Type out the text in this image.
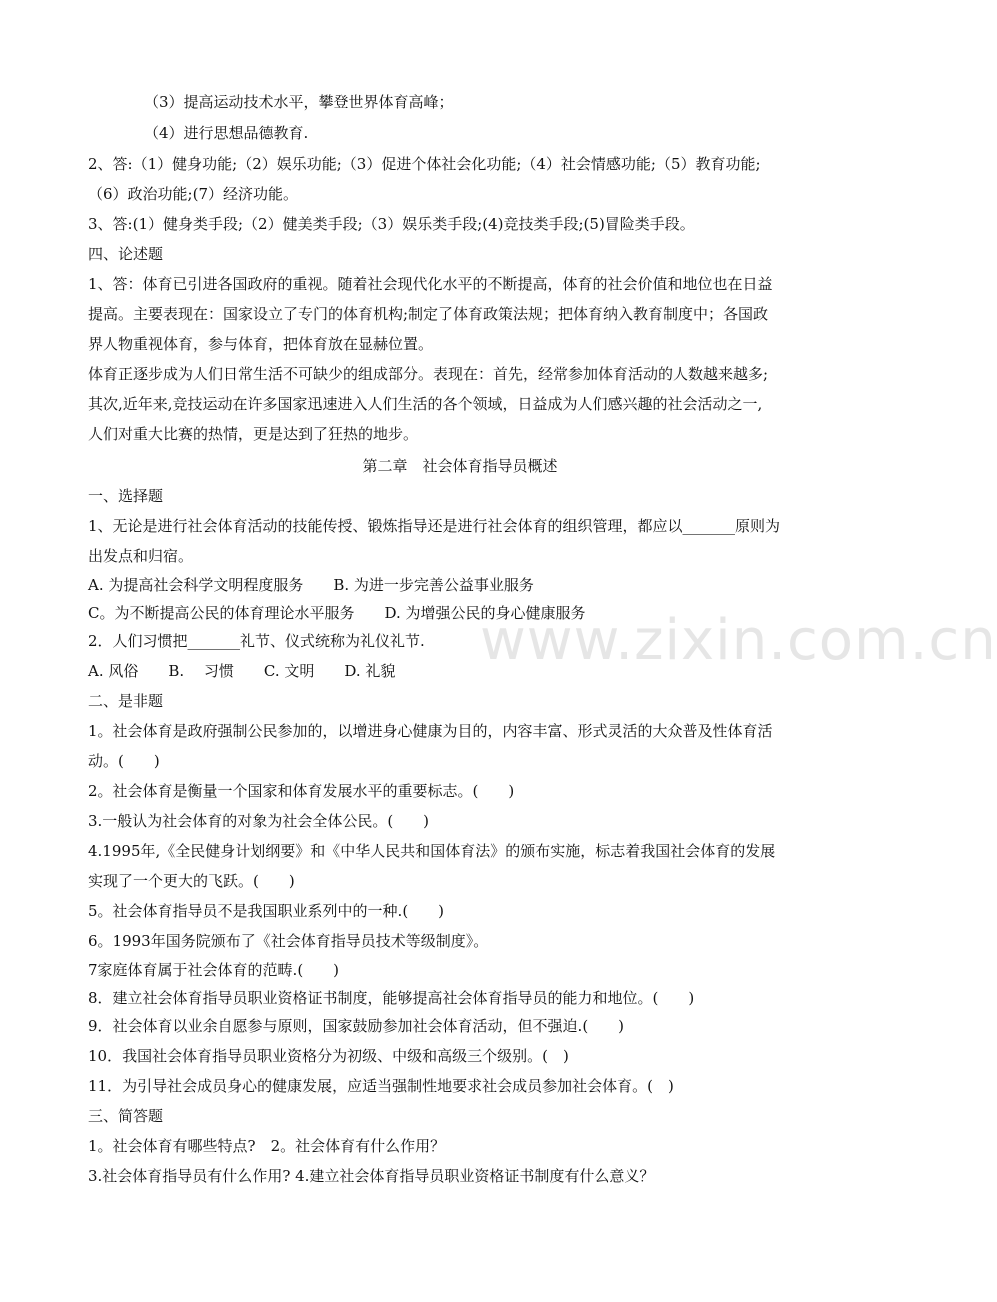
www.zixin.com.cn
（3）提高运动技术水平，攀登世界体育高峰；
（4）进行思想品德教育.
2、答:（1）健身功能;（2）娱乐功能;（3）促进个体社会化功能;（4）社会情感功能;（5）教育功能;
（6）政治功能;(7）经济功能。
3、答:(1）健身类手段;（2）健美类手段;（3）娱乐类手段;(4)竞技类手段;(5)冒险类手段。
四、论述题
1、答：体育已引进各国政府的重视。随着社会现代化水平的不断提高，体育的社会价值和地位也在日益
提高。主要表现在：国家设立了专门的体育机构;制定了体育政策法规；把体育纳入教育制度中；各国政
界人物重视体育，参与体育，把体育放在显赫位置。
体育正逐步成为人们日常生活不可缺少的组成部分。表现在：首先，经常参加体育活动的人数越来越多;
其次,近年来,竞技运动在许多国家迅速进入人们生活的各个领域，日益成为人们感兴趣的社会活动之一,
人们对重大比赛的热情，更是达到了狂热的地步。
第二章　社会体育指导员概述
一、选择题
1、无论是进行社会体育活动的技能传授、锻炼指导还是进行社会体育的组织管理，都应以_______原则为
出发点和归宿。
A. 为提高社会科学文明程度服务　　B. 为进一步完善公益事业服务
C。为不断提高公民的体育理论水平服务　　D. 为增强公民的身心健康服务
2．人们习惯把_______礼节、仪式统称为礼仪礼节.
A. 风俗　　B.　 习惯　　C. 文明　　D. 礼貌
二、是非题
1。社会体育是政府强制公民参加的，以增进身心健康为目的，内容丰富、形式灵活的大众普及性体育活
动。(　　)
2。社会体育是衡量一个国家和体育发展水平的重要标志。(　　)
3.一般认为社会体育的对象为社会全体公民。(　　)
4.1995年,《全民健身计划纲要》和《中华人民共和国体育法》的颁布实施，标志着我国社会体育的发展
实现了一个更大的飞跃。(　　)
5。社会体育指导员不是我国职业系列中的一种.(　　)
6。1993年国务院颁布了《社会体育指导员技术等级制度》。
7家庭体育属于社会体育的范畴.(　　)
8．建立社会体育指导员职业资格证书制度，能够提高社会体育指导员的能力和地位。(　　)
9．社会体育以业余自愿参与原则，国家鼓励参加社会体育活动，但不强迫.(　　)
10．我国社会体育指导员职业资格分为初级、中级和高级三个级别。(　)
11．为引导社会成员身心的健康发展，应适当强制性地要求社会成员参加社会体育。(　)
三、简答题
1。社会体育有哪些特点?　2。社会体育有什么作用？
3.社会体育指导员有什么作用? 4.建立社会体育指导员职业资格证书制度有什么意义？
